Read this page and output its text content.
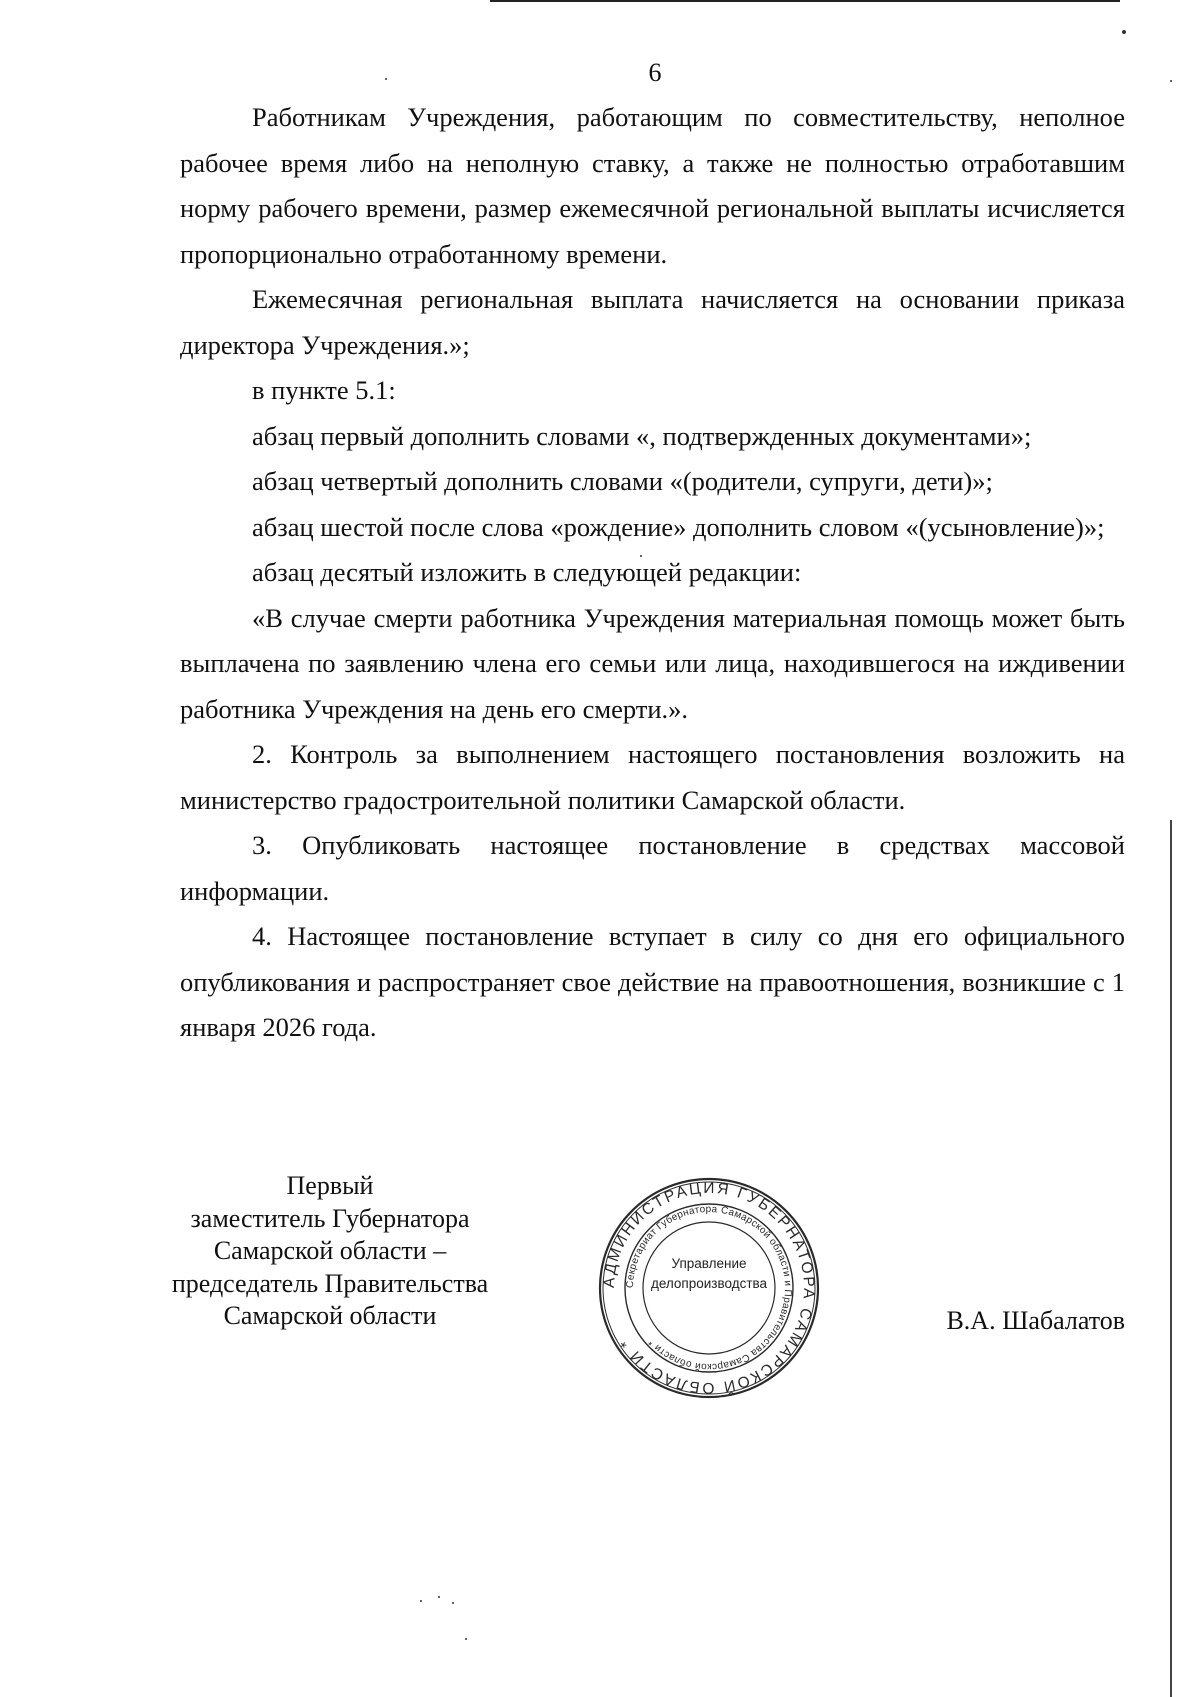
6

Работникам Учреждения, работающим по совместительству, неполное рабочее время либо на неполную ставку, а также не полностью отработавшим норму рабочего времени, размер ежемесячной региональной выплаты исчисляется пропорционально отработанному времени.

Ежемесячная региональная выплата начисляется на основании приказа директора Учреждения.»;

в пункте 5.1:

абзац первый дополнить словами «, подтвержденных документами»;

абзац четвертый дополнить словами «(родители, супруги, дети)»;

абзац шестой после слова «рождение» дополнить словом «(усыновление)»;

абзац десятый изложить в следующей редакции:

«В случае смерти работника Учреждения материальная помощь может быть выплачена по заявлению члена его семьи или лица, находившегося на иждивении работника Учреждения на день его смерти.».

2. Контроль за выполнением настоящего постановления возложить на министерство градостроительной политики Самарской области.

3. Опубликовать настоящее постановление в средствах массовой информации.

4. Настоящее постановление вступает в силу со дня его официального опубликования и распространяет свое действие на правоотношения, возникшие с 1 января 2026 года.

Первый
заместитель Губернатора
Самарской области –
председатель Правительства
Самарской области
АДМИНИСТРАЦИЯ ГУБЕРНАТОРА САМАРСКОЙ ОБЛАСТИ *
Секретариат Губернатора Самарской области и Правительства Самарской области *
Управление
делопроизводства
В.А. Шабалатов
